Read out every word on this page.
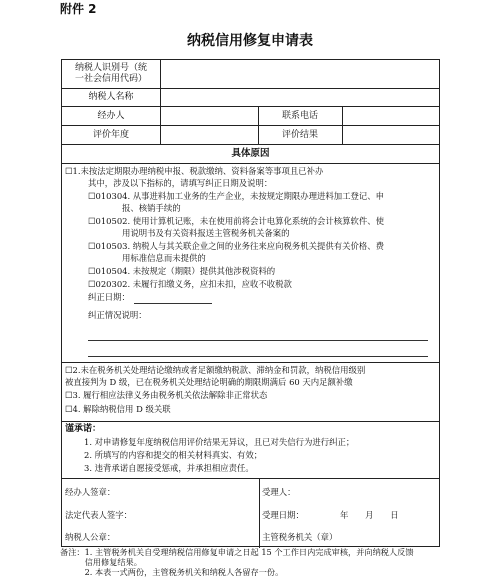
附件 2
纳税信用修复申请表
纳税人识别号（统
一社会信用代码）
纳税人名称
经办人	联系电话
评价年度	评价结果
具体原因
☐1.未按法定期限办理纳税申报、税款缴纳、资料备案等事项且已补办
其中，涉及以下指标的，请填写纠正日期及说明：
☐010304. 从事进料加工业务的生产企业，未按规定期限办理进料加工登记、申
报、核销手续的
☐010502. 使用计算机记账，未在使用前将会计电算化系统的会计核算软件、使
用说明书及有关资料报送主管税务机关备案的
☐010503. 纳税人与其关联企业之间的业务往来应向税务机关提供有关价格、费
用标准信息而未提供的
☐010504. 未按规定（期限）提供其他涉税资料的
☐020302. 未履行扣缴义务，应扣未扣，应收不收税款
纠正日期：
纠正情况说明：
☐2.未在税务机关处理结论缴纳或者足额缴纳税款、滞纳金和罚款，纳税信用级别
被直接判为 D 级，已在税务机关处理结论明确的期限期满后 60 天内足额补缴
☐3. 履行相应法律义务由税务机关依法解除非正常状态
☐4. 解除纳税信用 D 级关联
谨承诺：
1. 对申请修复年度纳税信用评价结果无异议，且已对失信行为进行纠正；
2. 所填写的内容和提交的相关材料真实、有效；
3. 违背承诺自愿接受惩戒，并承担相应责任。
经办人签章：	受理人：
法定代表人签字：	受理日期：	年　　月　　日
纳税人公章：	主管税务机关（章）
备注：1. 主管税务机关自受理纳税信用修复申请之日起 15 个工作日内完成审核，并向纳税人反馈
　　　信用修复结果。
　　　2. 本表一式两份，主管税务机关和纳税人各留存一份。
